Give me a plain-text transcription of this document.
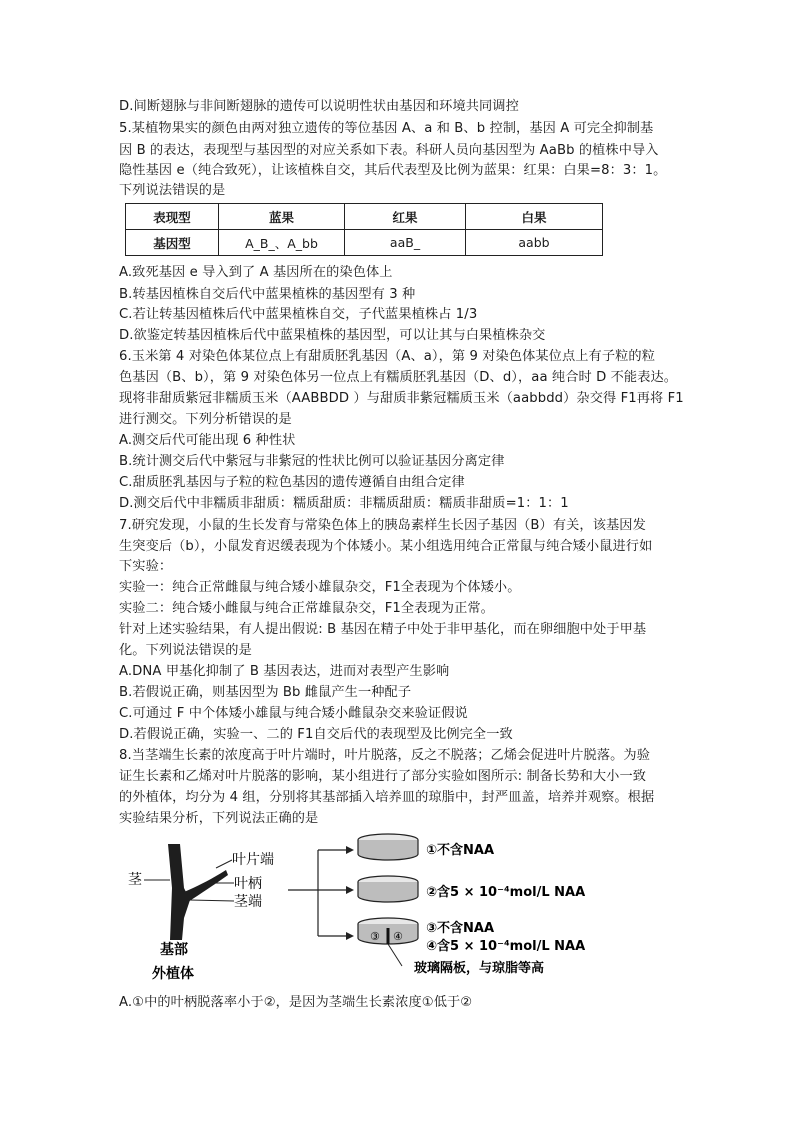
D.间断翅脉与非间断翅脉的遗传可以说明性状由基因和环境共同调控
5.某植物果实的颜色由两对独立遗传的等位基因 A、a 和 B、b 控制，基因 A 可完全抑制基
因 B 的表达，表现型与基因型的对应关系如下表。科研人员向基因型为 AaBb 的植株中导入
隐性基因 e（纯合致死），让该植株自交，其后代表型及比例为蓝果：红果：白果=8：3：1。
下列说法错误的是
表现型	蓝果	红果	白果
基因型	A_B_、A_bb	aaB_	aabb
A.致死基因 e 导入到了 A 基因所在的染色体上
B.转基因植株自交后代中蓝果植株的基因型有 3 种
C.若让转基因植株后代中蓝果植株自交，子代蓝果植株占 1/3
D.欲鉴定转基因植株后代中蓝果植株的基因型，可以让其与白果植株杂交
6.玉米第 4 对染色体某位点上有甜质胚乳基因（A、a），第 9 对染色体某位点上有子粒的粒
色基因（B、b），第 9 对染色体另一位点上有糯质胚乳基因（D、d），aa 纯合时 D 不能表达。
现将非甜质紫冠非糯质玉米（AABBDD ）与甜质非紫冠糯质玉米（aabbdd）杂交得 F1再将 F1
进行测交。下列分析错误的是
A.测交后代可能出现 6 种性状
B.统计测交后代中紫冠与非紫冠的性状比例可以验证基因分离定律
C.甜质胚乳基因与子粒的粒色基因的遗传遵循自由组合定律
D.测交后代中非糯质非甜质：糯质甜质：非糯质甜质：糯质非甜质=1：1：1
7.研究发现，小鼠的生长发育与常染色体上的胰岛素样生长因子基因（B）有关，该基因发
生突变后（b），小鼠发育迟缓表现为个体矮小。某小组选用纯合正常鼠与纯合矮小鼠进行如
下实验：
实验一：纯合正常雌鼠与纯合矮小雄鼠杂交，F1全表现为个体矮小。
实验二：纯合矮小雌鼠与纯合正常雄鼠杂交，F1全表现为正常。
针对上述实验结果，有人提出假说: B 基因在精子中处于非甲基化，而在卵细胞中处于甲基
化。下列说法错误的是
A.DNA 甲基化抑制了 B 基因表达，进而对表型产生影响
B.若假说正确，则基因型为 Bb 雌鼠产生一种配子
C.可通过 F 中个体矮小雄鼠与纯合矮小雌鼠杂交来验证假说
D.若假说正确，实验一、二的 F1自交后代的表现型及比例完全一致
8.当茎端生长素的浓度高于叶片端时，叶片脱落，反之不脱落；乙烯会促进叶片脱落。为验
证生长素和乙烯对叶片脱落的影响，某小组进行了部分实验如图所示: 制备长势和大小一致
的外植体，均分为 4 组，分别将其基部插入培养皿的琼脂中，封严皿盖，培养并观察。根据
实验结果分析，下列说法正确的是
茎
叶片端
叶柄
茎端
基部
外植体
①不含NAA
②含5 × 10⁻⁴mol/L NAA
③ ④
③不含NAA
④含5 × 10⁻⁴mol/L NAA
玻璃隔板，与琼脂等高
A.①中的叶柄脱落率小于②，是因为茎端生长素浓度①低于②
